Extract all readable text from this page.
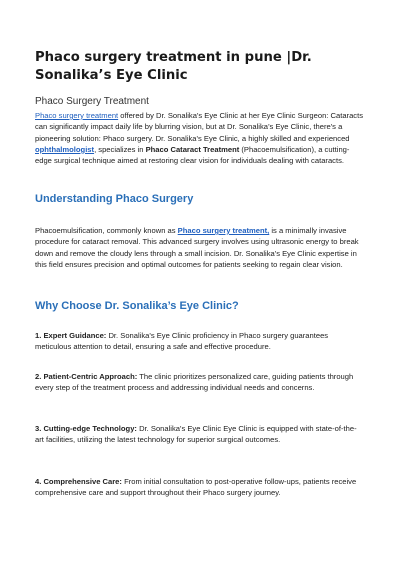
Phaco surgery treatment in pune |Dr. Sonalika’s Eye Clinic

Phaco Surgery Treatment

Phaco surgery treatment offered by Dr. Sonalika's Eye Clinic at her Eye Clinic Surgeon: Cataracts can significantly impact daily life by blurring vision, but at Dr. Sonalika’s Eye Clinic, there's a pioneering solution: Phaco surgery. Dr. Sonalika's Eye Clinic, a highly skilled and experienced ophthalmologist, specializes in Phaco Cataract Treatment (Phacoemulsification), a cutting-edge surgical technique aimed at restoring clear vision for individuals dealing with cataracts.

Understanding Phaco Surgery

Phacoemulsification, commonly known as Phaco surgery treatment, is a minimally invasive procedure for cataract removal. This advanced surgery involves using ultrasonic energy to break down and remove the cloudy lens through a small incision. Dr. Sonalika's Eye Clinic expertise in this field ensures precision and optimal outcomes for patients seeking to regain clear vision.

Why Choose Dr. Sonalika’s Eye Clinic?

1. Expert Guidance: Dr. Sonalika's Eye Clinic proficiency in Phaco surgery guarantees meticulous attention to detail, ensuring a safe and effective procedure.

2. Patient-Centric Approach: The clinic prioritizes personalized care, guiding patients through every step of the treatment process and addressing individual needs and concerns.

3. Cutting-edge Technology: Dr. Sonalika's Eye Clinic Eye Clinic is equipped with state-of-the-art facilities, utilizing the latest technology for superior surgical outcomes.

4. Comprehensive Care: From initial consultation to post-operative follow-ups, patients receive comprehensive care and support throughout their Phaco surgery journey.
